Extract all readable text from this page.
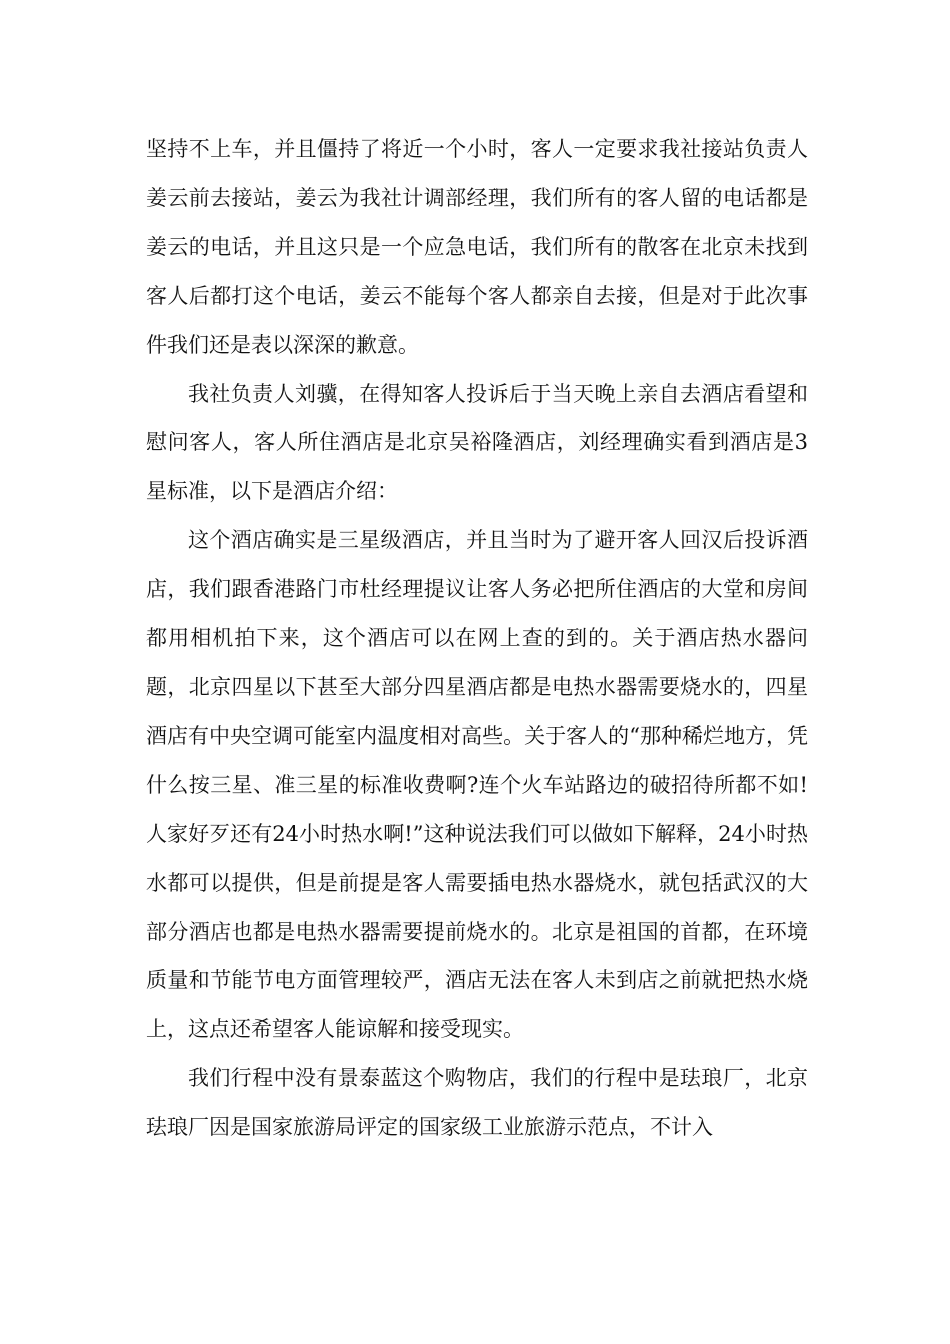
坚持不上车，并且僵持了将近一个小时，客人一定要求我社接站负责人姜云前去接站，姜云为我社计调部经理，我们所有的客人留的电话都是姜云的电话，并且这只是一个应急电话，我们所有的散客在北京未找到客人后都打这个电话，姜云不能每个客人都亲自去接，但是对于此次事件我们还是表以深深的歉意。

我社负责人刘骥，在得知客人投诉后于当天晚上亲自去酒店看望和慰问客人，客人所住酒店是北京吴裕隆酒店，刘经理确实看到酒店是3星标准，以下是酒店介绍：

这个酒店确实是三星级酒店，并且当时为了避开客人回汉后投诉酒店，我们跟香港路门市杜经理提议让客人务必把所住酒店的大堂和房间都用相机拍下来，这个酒店可以在网上查的到的。关于酒店热水器问题，北京四星以下甚至大部分四星酒店都是电热水器需要烧水的，四星酒店有中央空调可能室内温度相对高些。关于客人的“那种稀烂地方，凭什么按三星、准三星的标准收费啊?连个火车站路边的破招待所都不如!人家好歹还有24小时热水啊!”这种说法我们可以做如下解释，24小时热水都可以提供，但是前提是客人需要插电热水器烧水，就包括武汉的大部分酒店也都是电热水器需要提前烧水的。北京是祖国的首都，在环境质量和节能节电方面管理较严，酒店无法在客人未到店之前就把热水烧上，这点还希望客人能谅解和接受现实。

我们行程中没有景泰蓝这个购物店，我们的行程中是珐琅厂，北京珐琅厂因是国家旅游局评定的国家级工业旅游示范点，不计入
